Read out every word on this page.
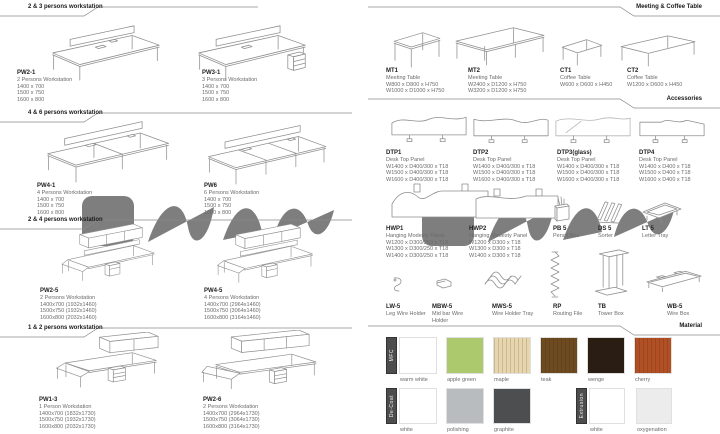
2 & 3 persons workstation
4 & 6 persons workstation
2 & 4 persons workstation
1 & 2 persons workstation
PW2-1
2 Persons Workstation
1400 x 700
1500 x 750
1600 x 800
PW3-1
3 Persons Workstation
1400 x 700
1500 x 750
1600 x 800
PW4-1
4 Persons Workstation
1400 x 700
1500 x 750
1600 x 800
PW6
6 Persons Workstation
1400 x 700
1500 x 750
1600 x 800
PW2-5
2 Persons Workstation
1400x700 (1932x1460)
1500x750 (1932x1460)
1600x800 (2032x1460)
PW4-5
4 Persons Workstation
1400x700 (2964x1460)
1500x750 (3064x1460)
1600x800 (3164x1460)
PW1-3
1 Person Workstation
1400x700 (1832x1730)
1500x750 (1932x1730)
1600x800 (2032x1730)
PW2-6
2 Persons Workstation
1400x700 (2964x1730)
1500x750 (3064x1730)
1600x800 (3164x1730)
Meeting & Coffee Table
MT1
Meeting Table
W800 x D800 x H750
W1000 x D1000 x H750
MT2
Meeting Table
W2400 x D1200 x H750
W3200 x D1200 x H750
CT1
Coffee Table
W600 x D600 x H450
CT2
Coffee Table
W1200 x D600 x H450
Accessories
DTP1
Desk Top Panel
W1400 x D400/300 x T18
W1500 x D400/300 x T18
W1600 x D400/300 x T18
DTP2
Desk Top Panel
W1400 x D400/300 x T18
W1500 x D400/300 x T18
W1600 x D400/300 x T18
DTP3(glass)
Desk Top Panel
W1400 x D400/300 x T18
W1500 x D400/300 x T18
W1600 x D400/300 x T18
DTP4
Desk Top Panel
W1400 x D400 x T18
W1500 x D400 x T18
W1600 x D400 x T18
HWP1
Hanging Modesty Panel
W1200 x D300/250 x T18
W1300 x D300/250 x T18
W1400 x D300/250 x T18
HWP2
Hanging Modesty Panel
W1200 x D300 x T18
W1300 x D300 x T18
W1400 x D300 x T18
PB 5
Pencil Box
DS 5
Sorter
LT 5
Letter Tray
LW-5
Leg Wire Holder
MBW-5
Mid bar Wire Holder
MWS-5
Wire Holder Tray
RP
Routing File
TB
Tower Box
WB-5
Wire Box
Material
MFC
warm white	apple green	maple	teak	wenge	cherry
De-Coat
white	polishing	graphite
Extrusion
white	oxygenation
